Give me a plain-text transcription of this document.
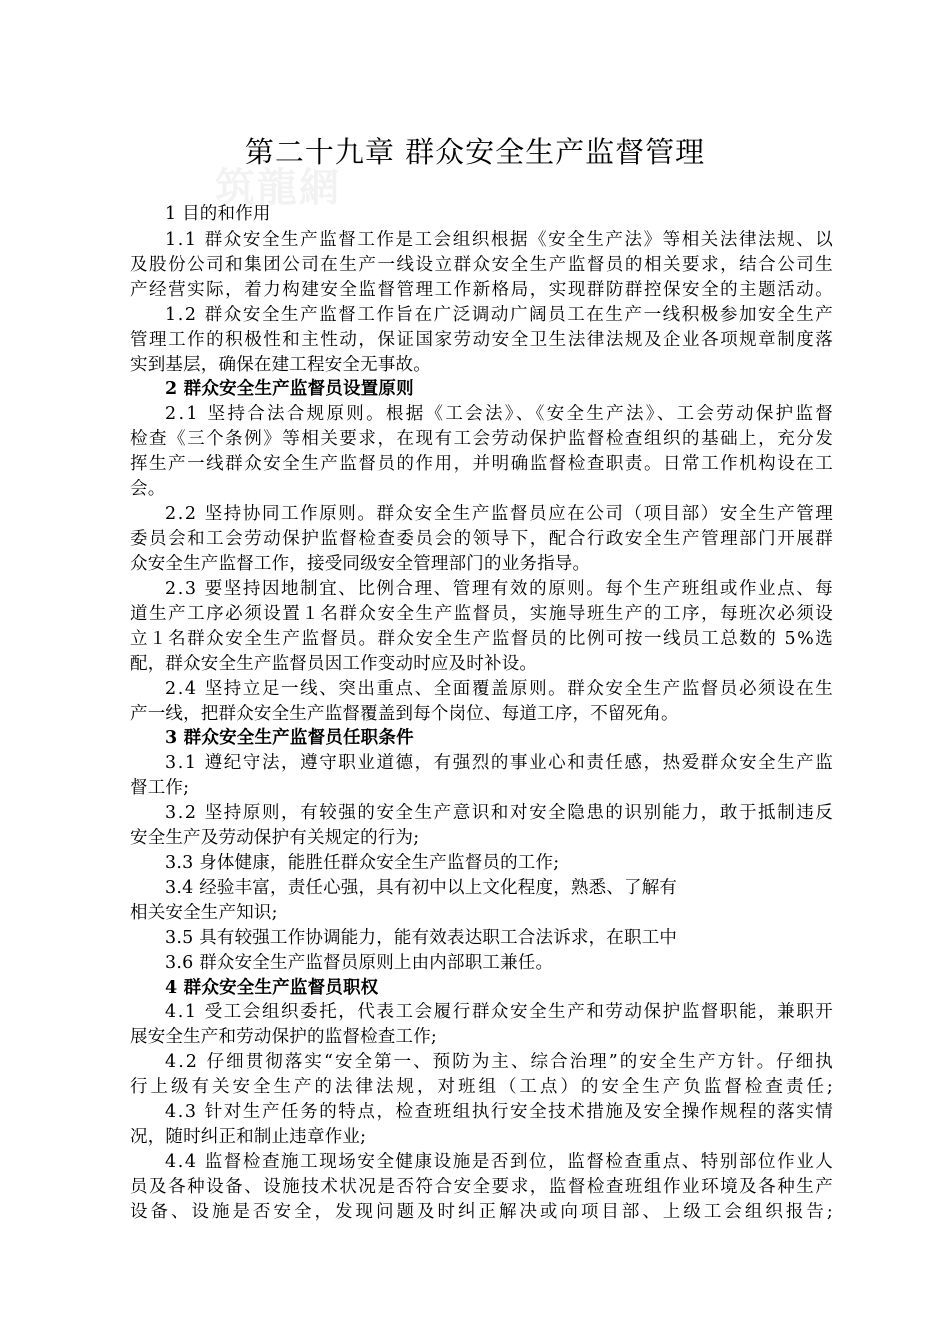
筑龍網
第二十九章 群众安全生产监督管理
1 目的和作用
1.1 群众安全生产监督工作是工会组织根据《安全生产法》等相关法律法规、以
及股份公司和集团公司在生产一线设立群众安全生产监督员的相关要求，结合公司生
产经营实际，着力构建安全监督管理工作新格局，实现群防群控保安全的主题活动。
1.2 群众安全生产监督工作旨在广泛调动广阔员工在生产一线积极参加安全生产
管理工作的积极性和主性动，保证国家劳动安全卫生法律法规及企业各项规章制度落
实到基层，确保在建工程安全无事故。
2 群众安全生产监督员设置原则
2.1 坚持合法合规原则。根据《工会法》、《安全生产法》、工会劳动保护监督
检查《三个条例》等相关要求，在现有工会劳动保护监督检查组织的基础上，充分发
挥生产一线群众安全生产监督员的作用，并明确监督检查职责。日常工作机构设在工
会。
2.2 坚持协同工作原则。群众安全生产监督员应在公司（项目部）安全生产管理
委员会和工会劳动保护监督检查委员会的领导下，配合行政安全生产管理部门开展群
众安全生产监督工作，接受同级安全管理部门的业务指导。
2.3 要坚持因地制宜、比例合理、管理有效的原则。每个生产班组或作业点、每
道生产工序必须设置１名群众安全生产监督员，实施导班生产的工序，每班次必须设
立１名群众安全生产监督员。群众安全生产监督员的比例可按一线员工总数的 5%选
配，群众安全生产监督员因工作变动时应及时补设。
2.4 坚持立足一线、突出重点、全面覆盖原则。群众安全生产监督员必须设在生
产一线，把群众安全生产监督覆盖到每个岗位、每道工序，不留死角。
3 群众安全生产监督员任职条件
3.1 遵纪守法，遵守职业道德，有强烈的事业心和责任感，热爱群众安全生产监
督工作;
3.2 坚持原则，有较强的安全生产意识和对安全隐患的识别能力，敢于抵制违反
安全生产及劳动保护有关规定的行为;
3.3 身体健康，能胜任群众安全生产监督员的工作;
3.4 经验丰富，责任心强，具有初中以上文化程度，熟悉、了解有
相关安全生产知识;
3.5 具有较强工作协调能力，能有效表达职工合法诉求，在职工中
3.6 群众安全生产监督员原则上由内部职工兼任。
4 群众安全生产监督员职权
4.1 受工会组织委托，代表工会履行群众安全生产和劳动保护监督职能，兼职开
展安全生产和劳动保护的监督检查工作;
4.2 仔细贯彻落实“安全第一、预防为主、综合治理”的安全生产方针。仔细执
行上级有关安全生产的法律法规，对班组（工点）的安全生产负监督检查责任;
4.3 针对生产任务的特点，检查班组执行安全技术措施及安全操作规程的落实情
况，随时纠正和制止违章作业;
4.4 监督检查施工现场安全健康设施是否到位，监督检查重点、特别部位作业人
员及各种设备、设施技术状况是否符合安全要求，监督检查班组作业环境及各种生产
设备、设施是否安全，发现问题及时纠正解决或向项目部、上级工会组织报告;
